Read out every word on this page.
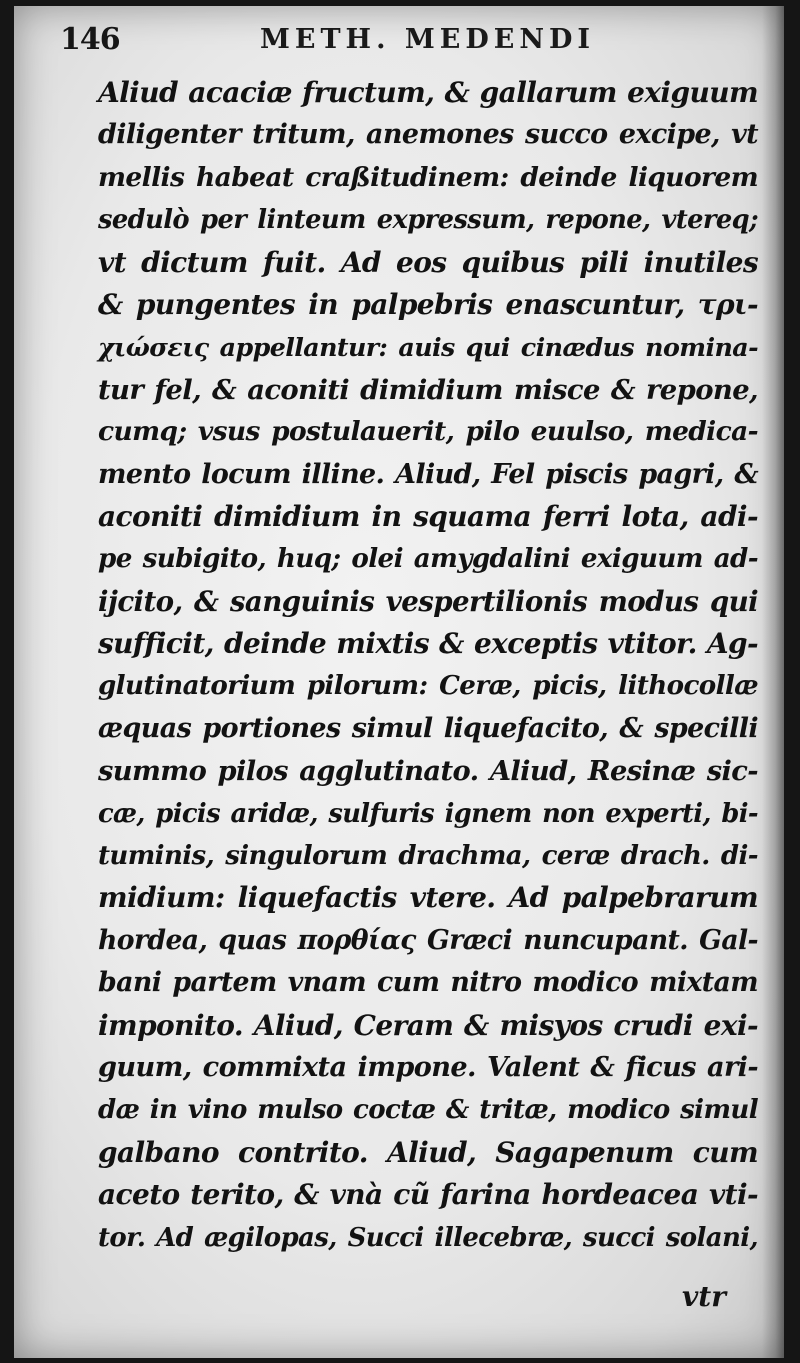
146	METH. MEDENDI
Aliud acaciæ fructum, & gallarum exiguum
diligenter tritum, anemones succo excipe, vt
mellis habeat craßitudinem: deinde liquorem
sedulò per linteum expressum, repone, vtereq;
vt dictum fuit. Ad eos quibus pili inutiles
& pungentes in palpebris enascuntur, τρι-
χιώσεις appellantur: auis qui cinædus nomina-
tur fel, & aconiti dimidium misce & repone,
cumq; vsus postulauerit, pilo euulso, medica-
mento locum illine. Aliud, Fel piscis pagri, &
aconiti dimidium in squama ferri lota, adi-
pe subigito, huq; olei amygdalini exiguum ad-
ijcito, & sanguinis vespertilionis modus qui
sufficit, deinde mixtis & exceptis vtitor. Ag-
glutinatorium pilorum: Ceræ, picis, lithocollæ
æquas portiones simul liquefacito, & specilli
summo pilos agglutinato. Aliud, Resinæ sic-
cæ, picis aridæ, sulfuris ignem non experti, bi-
tuminis, singulorum drachma, ceræ drach. di-
midium: liquefactis vtere. Ad palpebrarum
hordea, quas πορθίας Græci nuncupant. Gal-
bani partem vnam cum nitro modico mixtam
imponito. Aliud, Ceram & misyos crudi exi-
guum, commixta impone. Valent & ficus ari-
dæ in vino mulso coctæ & tritæ, modico simul
galbano contrito. Aliud, Sagapenum cum
aceto terito, & vnà cũ farina hordeacea vti-
tor. Ad ægilopas, Succi illecebræ, succi solani,
vtr
